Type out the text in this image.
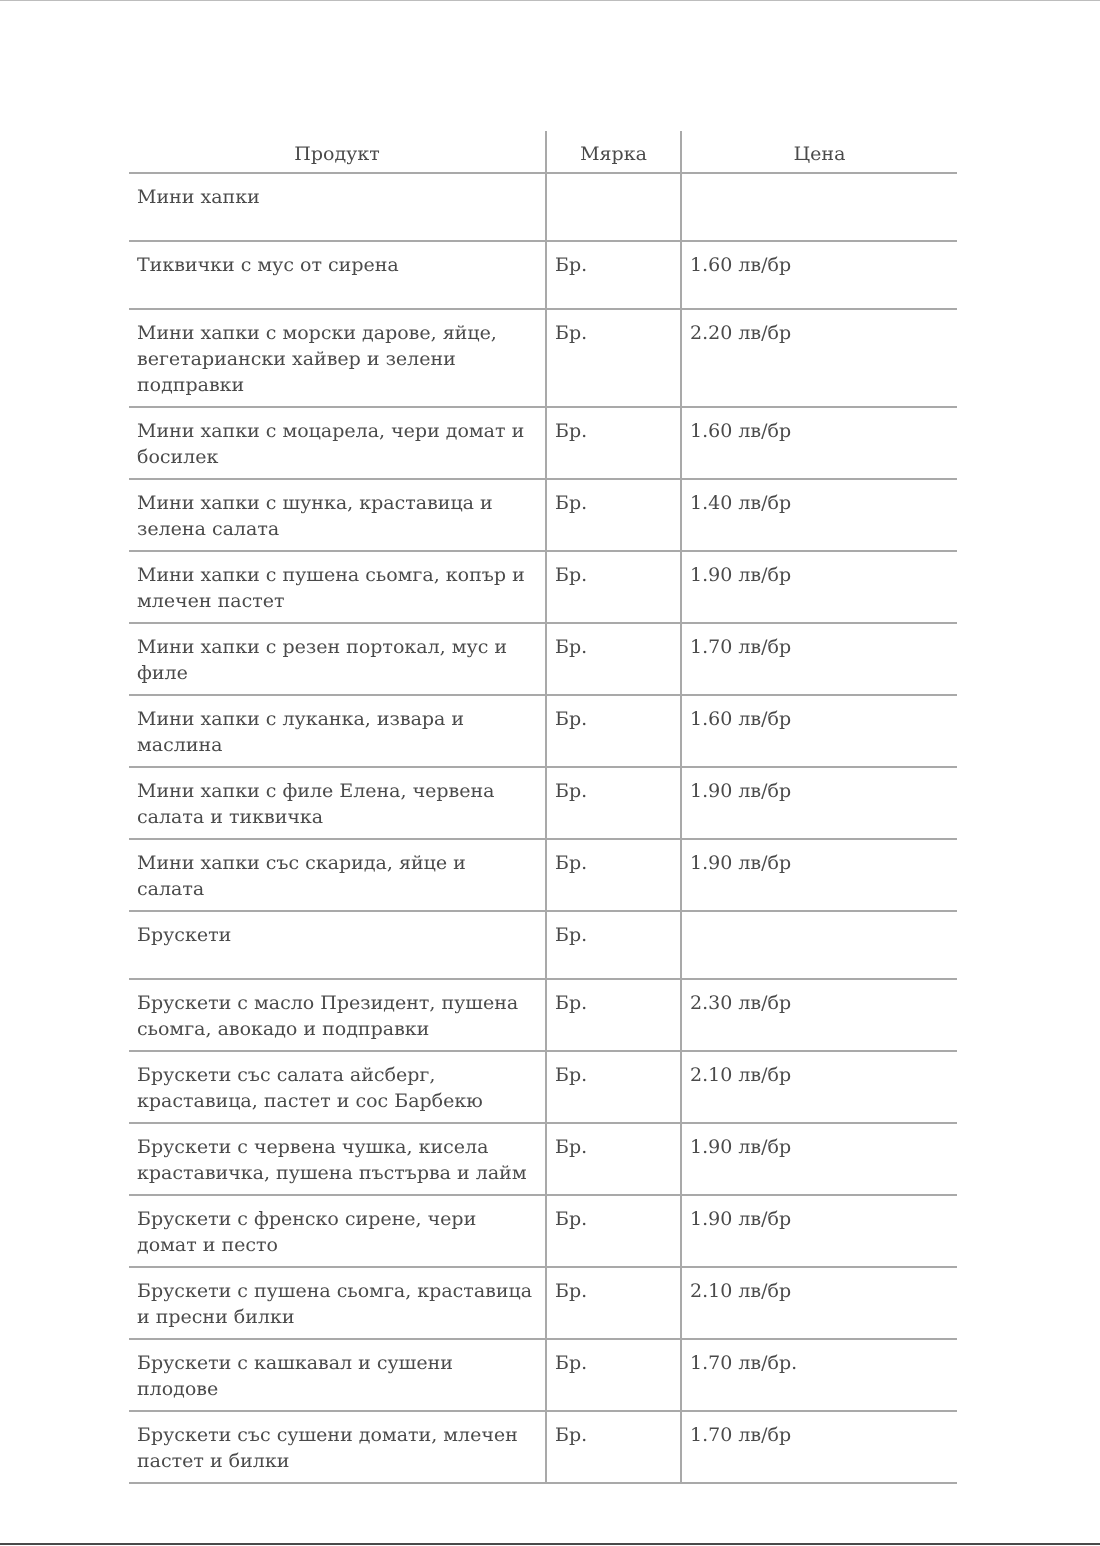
Продукт	Мярка	Цена
Мини хапки		
Тиквички с мус от сирена	Бр.	1.60 лв/бр
Мини хапки с морски дарове, яйце, вегетариански хайвер и зелени подправки	Бр.	2.20 лв/бр
Мини хапки с моцарела, чери домат и босилек	Бр.	1.60 лв/бр
Мини хапки с шунка, краставица и зелена салата	Бр.	1.40 лв/бр
Мини хапки с пушена сьомга, копър и млечен пастет	Бр.	1.90 лв/бр
Мини хапки с резен портокал, мус и филе	Бр.	1.70 лв/бр
Мини хапки с луканка, извара и маслина	Бр.	1.60 лв/бр
Мини хапки с филе Елена, червена салата и тиквичка	Бр.	1.90 лв/бр
Мини хапки със скарида, яйце и салата	Бр.	1.90 лв/бр
Брускети	Бр.	
Брускети с масло Президент, пушена сьомга, авокадо и подправки	Бр.	2.30 лв/бр
Брускети със салата айсберг, краставица, пастет и сос Барбекю	Бр.	2.10 лв/бр
Брускети с червена чушка, кисела краставичка, пушена пъстърва и лайм	Бр.	1.90 лв/бр
Брускети с френско сирене, чери домат и песто	Бр.	1.90 лв/бр
Брускети с пушена сьомга, краставица и пресни билки	Бр.	2.10 лв/бр
Брускети с кашкавал и сушени плодове	Бр.	1.70 лв/бр.
Брускети със сушени домати, млечен пастет и билки	Бр.	1.70 лв/бр
